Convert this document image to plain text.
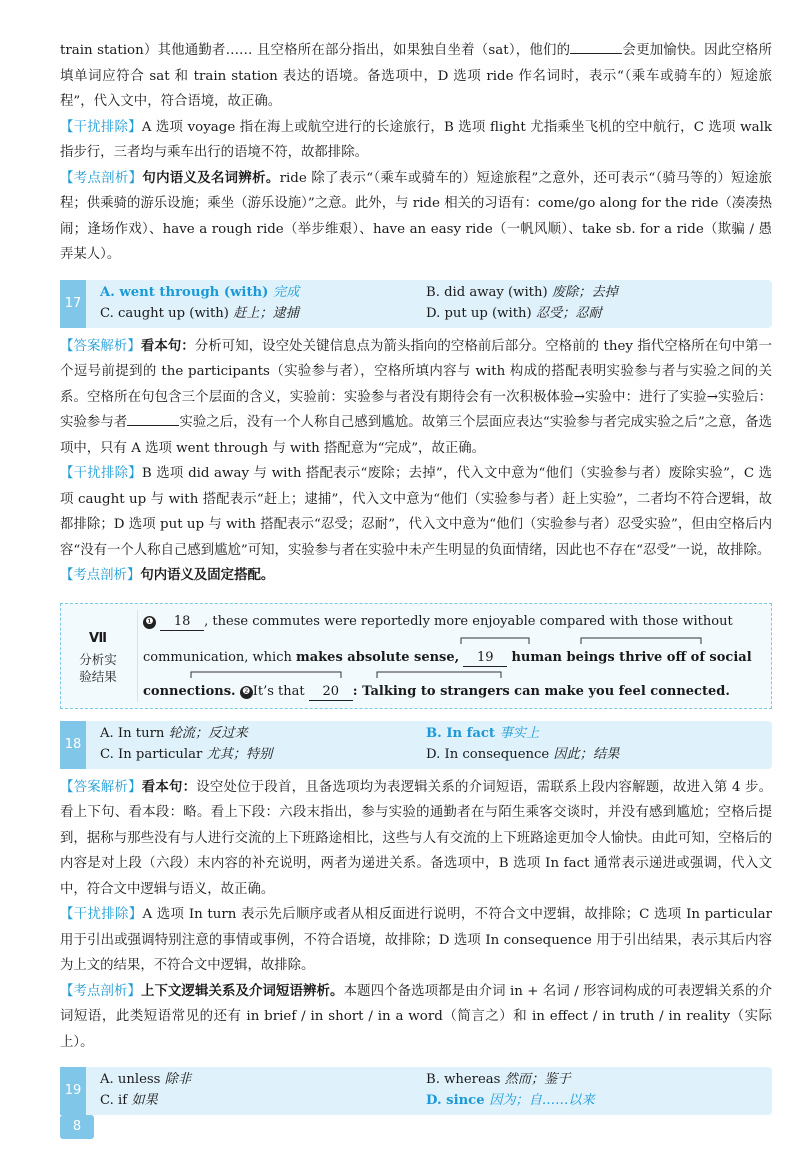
train station）其他通勤者…… 且空格所在部分指出，如果独自坐着（sat），他们的	会更加愉快。因此空格所填单词应符合 sat 和 train station 表达的语境。备选项中，D 选项 ride 作名词时，表示“（乘车或骑车的）短途旅程”，代入文中，符合语境，故正确。

【干扰排除】A 选项 voyage 指在海上或航空进行的长途旅行，B 选项 flight 尤指乘坐飞机的空中航行，C 选项 walk 指步行，三者均与乘车出行的语境不符，故都排除。

【考点剖析】句内语义及名词辨析。ride 除了表示“（乘车或骑车的）短途旅程”之意外，还可表示“（骑马等的）短途旅程；供乘骑的游乐设施；乘坐（游乐设施）”之意。此外，与 ride 相关的习语有：come/go along for the ride（凑凑热闹；逢场作戏）、have a rough ride（举步维艰）、have an easy ride（一帆风顺）、take sb. for a ride（欺骗 / 愚弄某人）。

17
A. went through (with) 完成	B. did away (with) 废除；去掉
C. caught up (with) 赶上；逮捕	D. put up (with) 忍受；忍耐

【答案解析】看本句：分析可知，设空处关键信息点为箭头指向的空格前后部分。空格前的 they 指代空格所在句中第一个逗号前提到的 the participants（实验参与者），空格所填内容与 with 构成的搭配表明实验参与者与实验之间的关系。空格所在句包含三个层面的含义，实验前：实验参与者没有期待会有一次积极体验→实验中：进行了实验→实验后：实验参与者	实验之后，没有一个人称自己感到尴尬。故第三个层面应表达“实验参与者完成实验之后”之意，备选项中，只有 A 选项 went through 与 with 搭配意为“完成”，故正确。

【干扰排除】B 选项 did away 与 with 搭配表示“废除；去掉”，代入文中意为“他们（实验参与者）废除实验”，C 选项 caught up 与 with 搭配表示“赶上；逮捕”，代入文中意为“他们（实验参与者）赶上实验”，二者均不符合逻辑，故都排除；D 选项 put up 与 with 搭配表示“忍受；忍耐”，代入文中意为“他们（实验参与者）忍受实验”，但由空格后内容“没有一个人称自己感到尴尬”可知，实验参与者在实验中未产生明显的负面情绪，因此也不存在“忍受”一说，故排除。

【考点剖析】句内语义及固定搭配。

Ⅶ
分析实
验结果
❶ 18 , these commutes were reportedly more enjoyable compared with those without
communication, which makes absolute sense, 19 human beings thrive off of social
connections. ❷ It’s that 20 : Talking to strangers can make you feel connected.
18
A. In turn 轮流；反过来	B. In fact 事实上
C. In particular 尤其；特别	D. In consequence 因此；结果

【答案解析】看本句：设空处位于段首，且备选项均为表逻辑关系的介词短语，需联系上段内容解题，故进入第 4 步。看上下句、看本段：略。看上下段：六段末指出，参与实验的通勤者在与陌生乘客交谈时，并没有感到尴尬；空格后提到，据称与那些没有与人进行交流的上下班路途相比，这些与人有交流的上下班路途更加令人愉快。由此可知，空格后的内容是对上段（六段）末内容的补充说明，两者为递进关系。备选项中，B 选项 In fact 通常表示递进或强调，代入文中，符合文中逻辑与语义，故正确。

【干扰排除】A 选项 In turn 表示先后顺序或者从相反面进行说明，不符合文中逻辑，故排除；C 选项 In particular 用于引出或强调特别注意的事情或事例，不符合语境，故排除；D 选项 In consequence 用于引出结果，表示其后内容为上文的结果，不符合文中逻辑，故排除。

【考点剖析】上下文逻辑关系及介词短语辨析。本题四个备选项都是由介词 in + 名词 / 形容词构成的可表逻辑关系的介词短语，此类短语常见的还有 in brief / in short / in a word（简言之）和 in effect / in truth / in reality（实际上）。

19
A. unless 除非	B. whereas 然而；鉴于
C. if 如果	D. since 因为；自……以来
8
